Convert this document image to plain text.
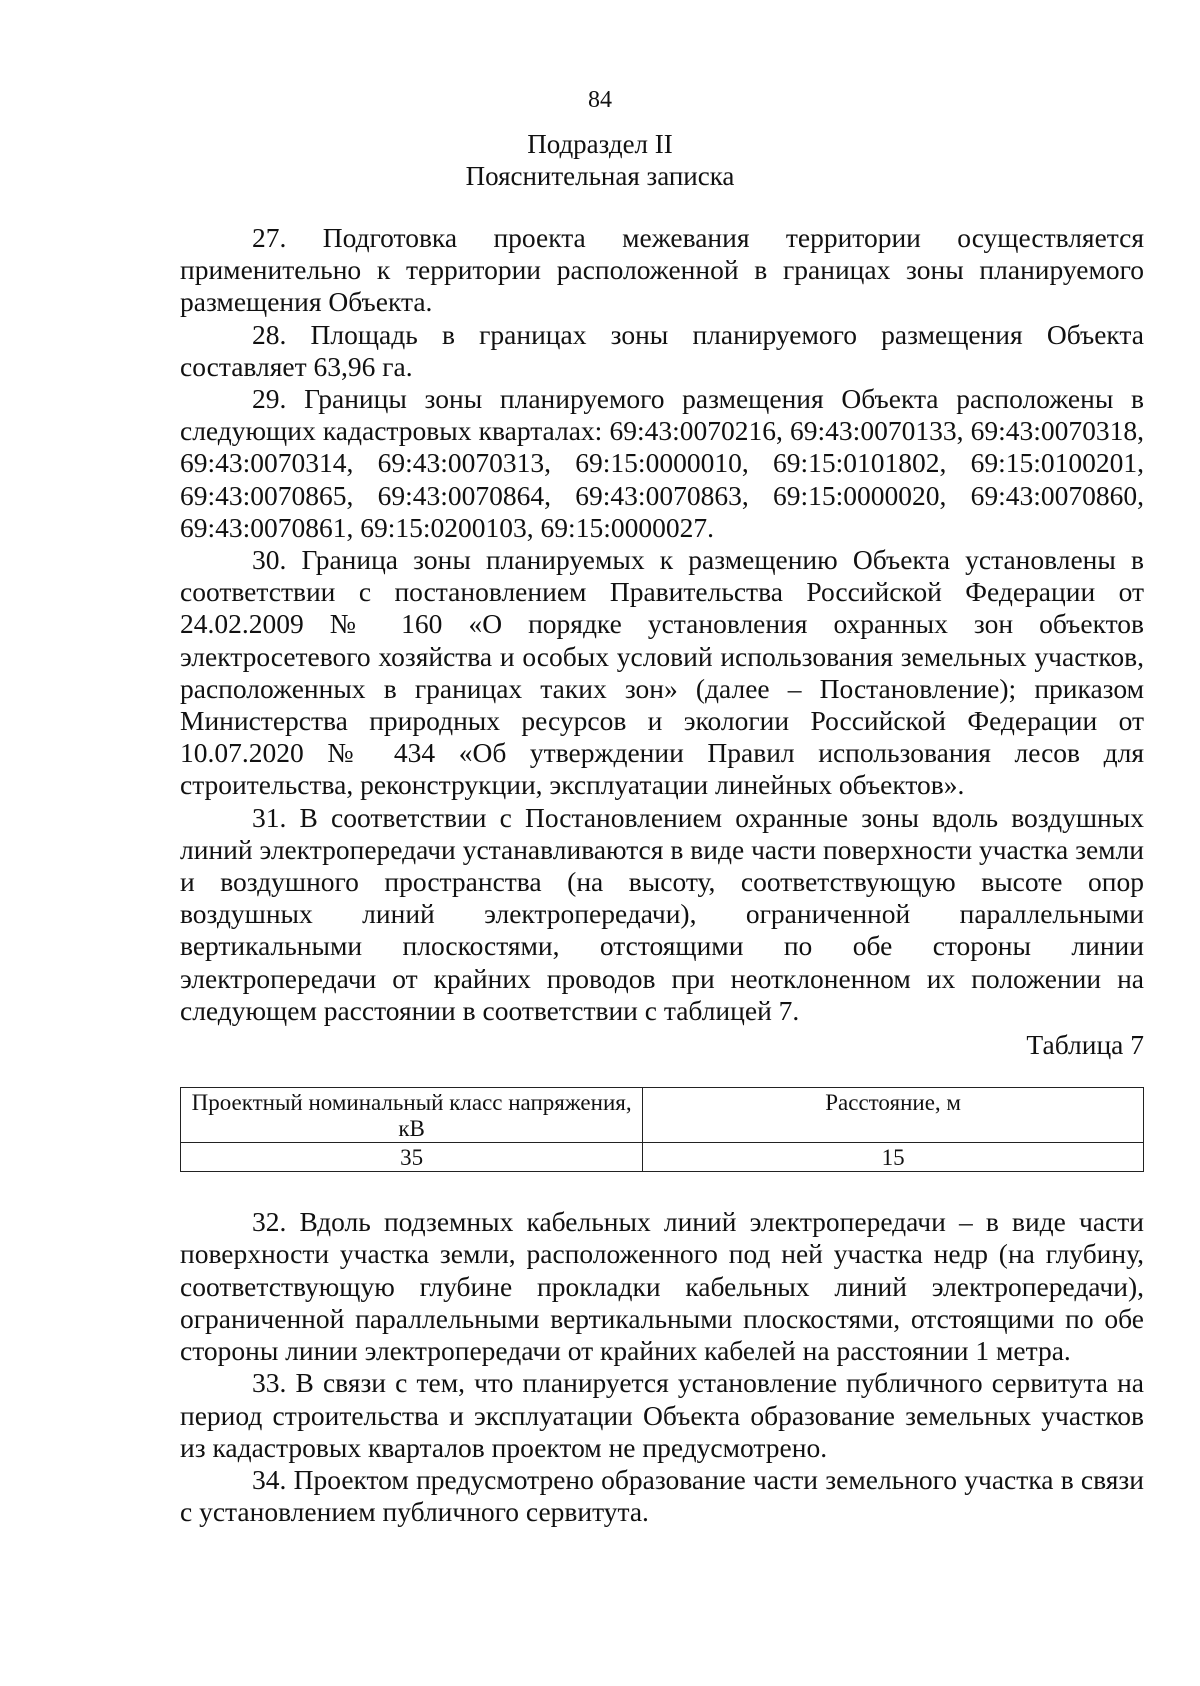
84
Подраздел II
Пояснительная записка

27. Подготовка проекта межевания территории осуществляется применительно к территории расположенной в границах зоны планируемого размещения Объекта.

28. Площадь в границах зоны планируемого размещения Объекта составляет 63,96 га.

29. Границы зоны планируемого размещения Объекта расположены в следующих кадастровых кварталах: 69:43:0070216, 69:43:0070133, 69:43:0070318, 69:43:0070314, 69:43:0070313, 69:15:0000010, 69:15:0101802, 69:15:0100201, 69:43:0070865, 69:43:0070864, 69:43:0070863, 69:15:0000020, 69:43:0070860, 69:43:0070861, 69:15:0200103, 69:15:0000027.

30. Граница зоны планируемых к размещению Объекта установлены в соответствии с постановлением Правительства Российской Федерации от 24.02.2009 № 160 «О порядке установления охранных зон объектов электросетевого хозяйства и особых условий использования земельных участков, расположенных в границах таких зон» (далее – Постановление); приказом Министерства природных ресурсов и экологии Российской Федерации от 10.07.2020 № 434 «Об утверждении Правил использования лесов для строительства, реконструкции, эксплуатации линейных объектов».

31. В соответствии с Постановлением охранные зоны вдоль воздушных линий электропередачи устанавливаются в виде части поверхности участка земли и воздушного пространства (на высоту, соответствующую высоте опор воздушных линий электропередачи), ограниченной параллельными вертикальными плоскостями, отстоящими по обе стороны линии электропередачи от крайних проводов при неотклоненном их положении на следующем расстоянии в соответствии с таблицей 7.

Таблица 7

Проектный номинальный класс напряжения, кВ	Расстояние, м
35	15

32. Вдоль подземных кабельных линий электропередачи – в виде части поверхности участка земли, расположенного под ней участка недр (на глубину, соответствующую глубине прокладки кабельных линий электропередачи), ограниченной параллельными вертикальными плоскостями, отстоящими по обе стороны линии электропередачи от крайних кабелей на расстоянии 1 метра.

33. В связи с тем, что планируется установление публичного сервитута на период строительства и эксплуатации Объекта образование земельных участков из кадастровых кварталов проектом не предусмотрено.

34. Проектом предусмотрено образование части земельного участка в связи с установлением публичного сервитута.
